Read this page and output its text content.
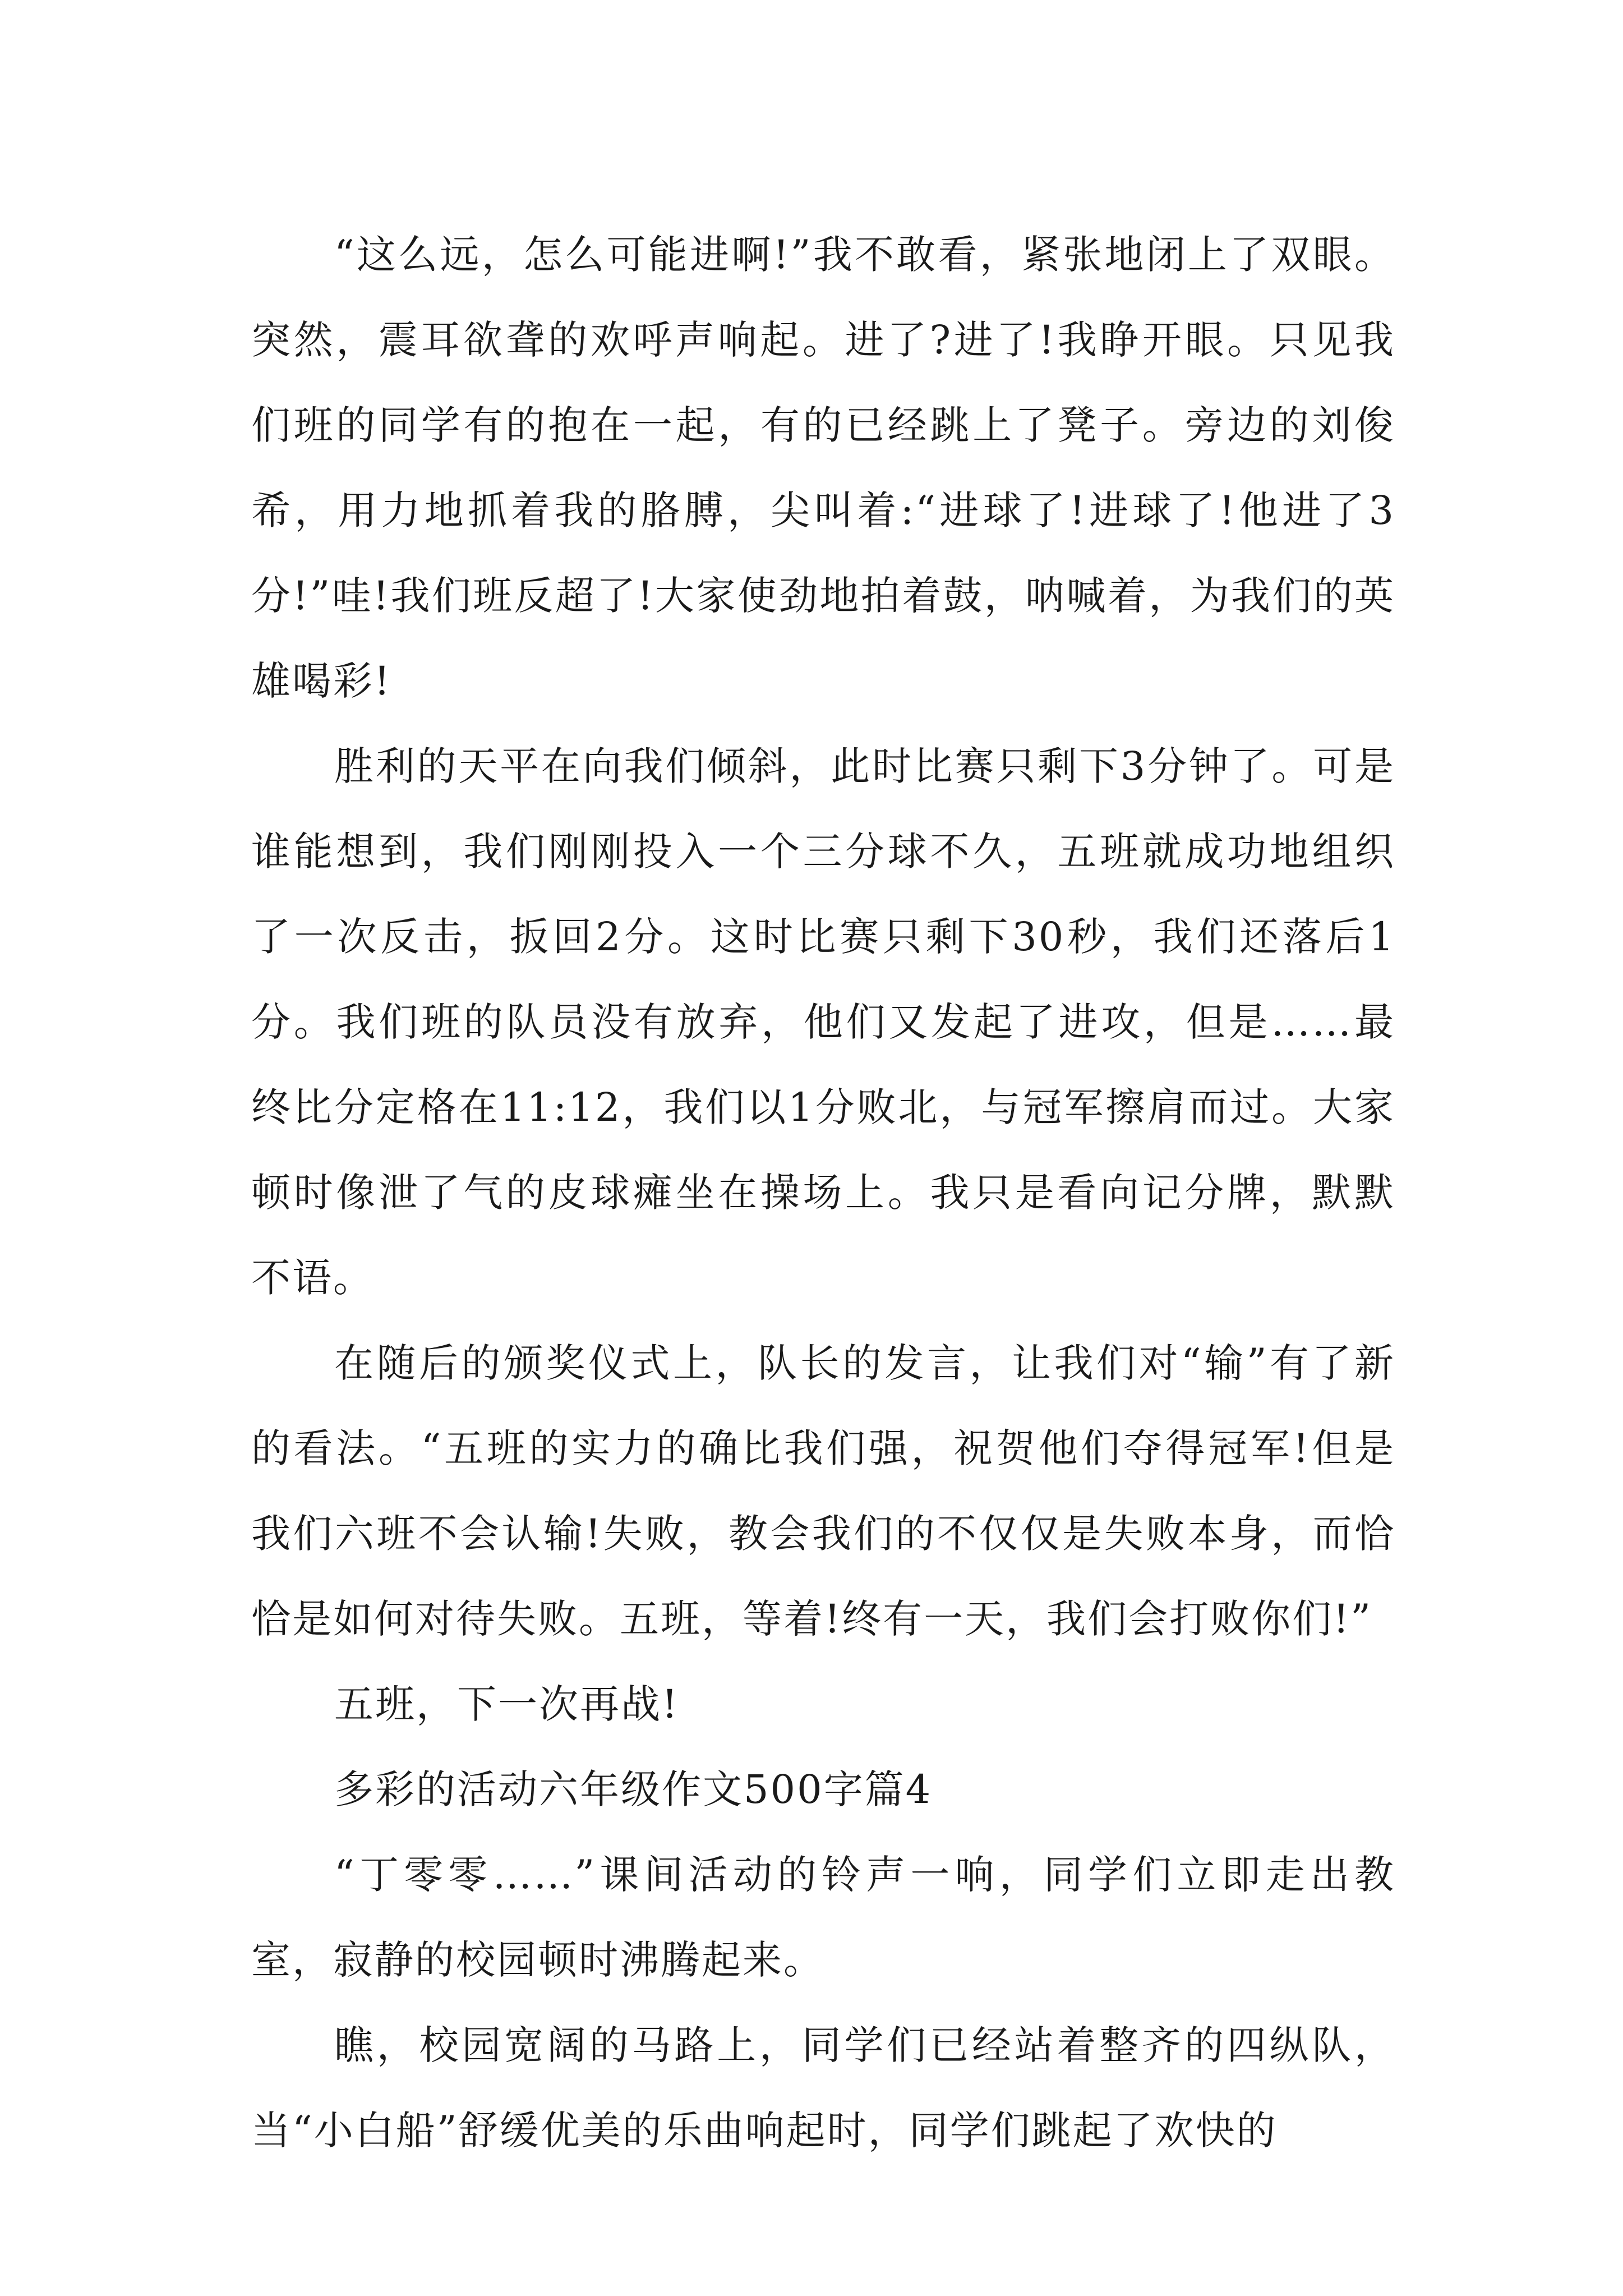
“这么远，怎么可能进啊!”我不敢看，紧张地闭上了双眼。突然，震耳欲聋的欢呼声响起。进了?进了!我睁开眼。只见我们班的同学有的抱在一起，有的已经跳上了凳子。旁边的刘俊希，用力地抓着我的胳膊，尖叫着:“进球了!进球了!他进了3分!”哇!我们班反超了!大家使劲地拍着鼓，呐喊着，为我们的英雄喝彩!

胜利的天平在向我们倾斜，此时比赛只剩下3分钟了。可是谁能想到，我们刚刚投入一个三分球不久，五班就成功地组织了一次反击，扳回2分。这时比赛只剩下30秒，我们还落后1分。我们班的队员没有放弃，他们又发起了进攻，但是……最终比分定格在11:12，我们以1分败北，与冠军擦肩而过。大家顿时像泄了气的皮球瘫坐在操场上。我只是看向记分牌，默默不语。

在随后的颁奖仪式上，队长的发言，让我们对“输”有了新的看法。“五班的实力的确比我们强，祝贺他们夺得冠军!但是我们六班不会认输!失败，教会我们的不仅仅是失败本身，而恰恰是如何对待失败。五班，等着!终有一天，我们会打败你们!”

五班，下一次再战!

多彩的活动六年级作文500字篇4

“丁零零……”课间活动的铃声一响，同学们立即走出教室，寂静的校园顿时沸腾起来。

瞧，校园宽阔的马路上，同学们已经站着整齐的四纵队，当“小白船”舒缓优美的乐曲响起时，同学们跳起了欢快的
